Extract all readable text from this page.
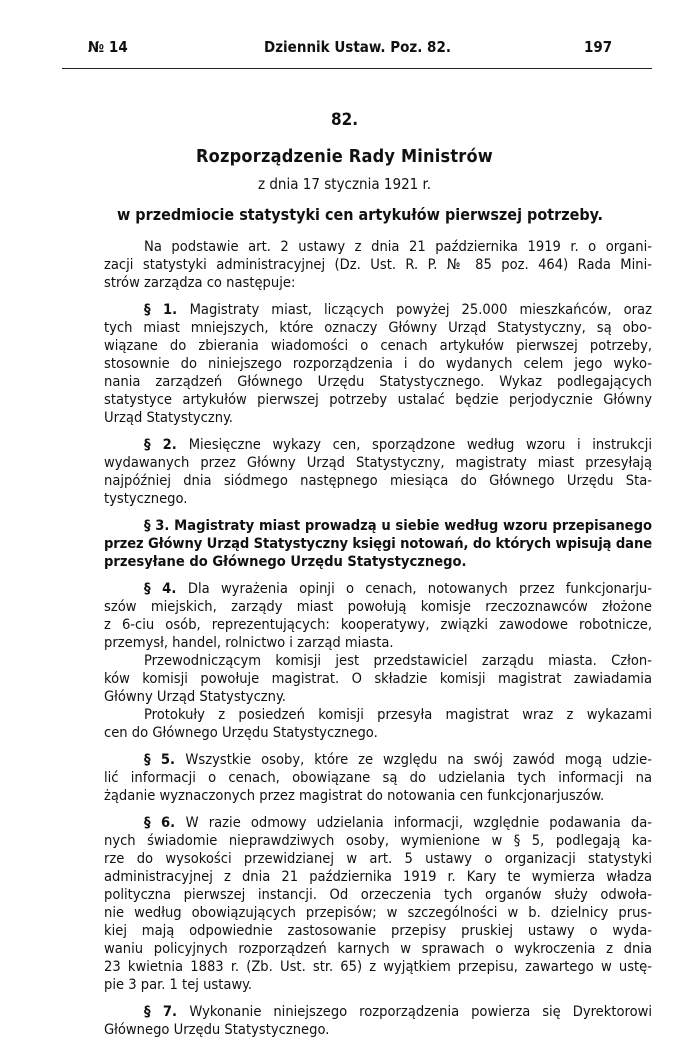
№ 14	Dziennik Ustaw. Poz. 82.	197
82.
Rozporządzenie Rady Ministrów
z dnia 17 stycznia 1921 r.
w przedmiocie statystyki cen artykułów pierwszej potrzeby.
Na podstawie art. 2 ustawy z dnia 21 października 1919 r. o organi-
zacji statystyki administracyjnej (Dz. Ust. R. P. № 85 poz. 464) Rada Mini-
strów zarządza co następuje:
§ 1. Magistraty miast, liczących powyżej 25.000 mieszkańców, oraz
tych miast mniejszych, które oznaczy Główny Urząd Statystyczny, są obo-
wiązane do zbierania wiadomości o cenach artykułów pierwszej potrzeby,
stosownie do niniejszego rozporządzenia i do wydanych celem jego wyko-
nania zarządzeń Głównego Urzędu Statystycznego. Wykaz podlegających
statystyce artykułów pierwszej potrzeby ustalać będzie perjodycznie Główny
Urząd Statystyczny.
§ 2. Miesięczne wykazy cen, sporządzone według wzoru i instrukcji
wydawanych przez Główny Urząd Statystyczny, magistraty miast przesyłają
najpóźniej dnia siódmego następnego miesiąca do Głównego Urzędu Sta-
tystycznego.
§ 3. Magistraty miast prowadzą u siebie według wzoru przepisanego
przez Główny Urząd Statystyczny księgi notowań, do których wpisują dane
przesyłane do Głównego Urzędu Statystycznego.
§ 4. Dla wyrażenia opinji o cenach, notowanych przez funkcjonarju-
szów miejskich, zarządy miast powołują komisje rzeczoznawców złożone
z 6-ciu osób, reprezentujących: kooperatywy, związki zawodowe robotnicze,
przemysł, handel, rolnictwo i zarząd miasta.
Przewodniczącym komisji jest przedstawiciel zarządu miasta. Człon-
ków komisji powołuje magistrat. O składzie komisji magistrat zawiadamia
Główny Urząd Statystyczny.
Protokuły z posiedzeń komisji przesyła magistrat wraz z wykazami
cen do Głównego Urzędu Statystycznego.
§ 5. Wszystkie osoby, które ze względu na swój zawód mogą udzie-
lić informacji o cenach, obowiązane są do udzielania tych informacji na
żądanie wyznaczonych przez magistrat do notowania cen funkcjonarjuszów.
§ 6. W razie odmowy udzielania informacji, względnie podawania da-
nych świadomie nieprawdziwych osoby, wymienione w § 5, podlegają ka-
rze do wysokości przewidzianej w art. 5 ustawy o organizacji statystyki
administracyjnej z dnia 21 października 1919 r. Kary te wymierza władza
polityczna pierwszej instancji. Od orzeczenia tych organów służy odwoła-
nie według obowiązujących przepisów; w szczególności w b. dzielnicy prus-
kiej mają odpowiednie zastosowanie przepisy pruskiej ustawy o wyda-
waniu policyjnych rozporządzeń karnych w sprawach o wykroczenia z dnia
23 kwietnia 1883 r. (Zb. Ust. str. 65) z wyjątkiem przepisu, zawartego w ustę-
pie 3 par. 1 tej ustawy.
§ 7. Wykonanie niniejszego rozporządzenia powierza się Dyrektorowi
Głównego Urzędu Statystycznego.
